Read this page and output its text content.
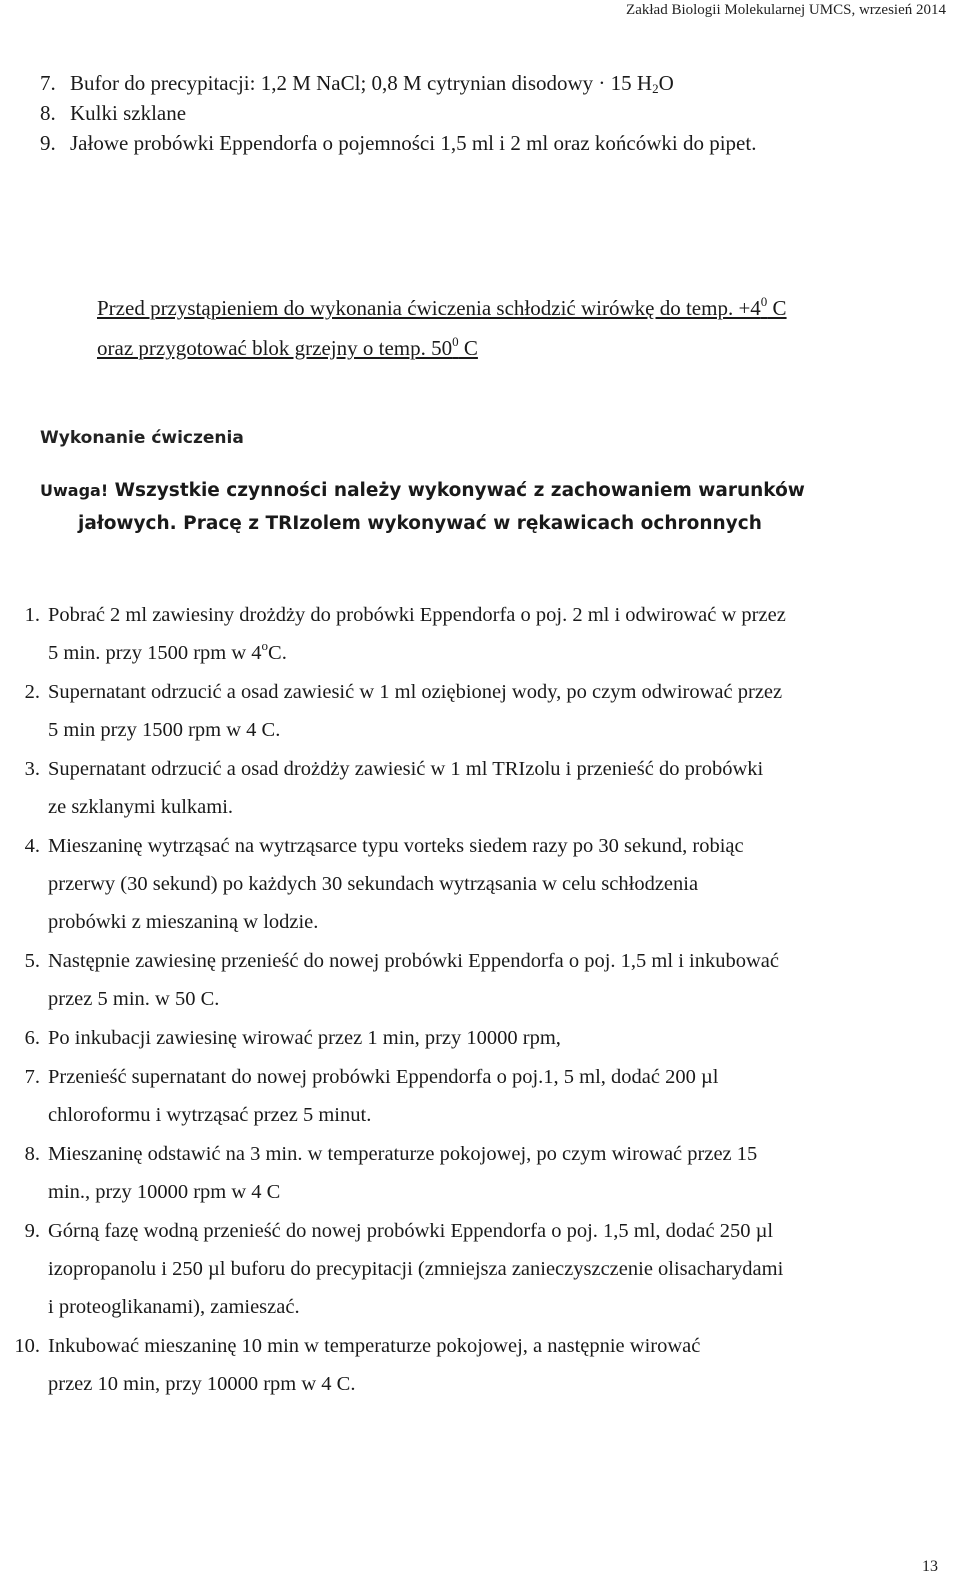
Zakład Biologii Molekularnej UMCS, wrzesień 2014
7. Bufor do precypitacji: 1,2 M NaCl; 0,8 M cytrynian disodowy · 15 $H_2O$
8. Kulki szklane
9. Jałowe probówki Eppendorfa o pojemności 1,5 ml i 2 ml oraz końcówki do pipet.
Przed przystąpieniem do wykonania ćwiczenia schłodzić wirówkę do temp. $+4^0$ C
oraz przygotować blok grzejny o temp. $50^0$ C
Wykonanie ćwiczenia
Uwaga! Wszystkie czynności należy wykonywać z zachowaniem warunków
jałowych. Pracę z TRIzolem wykonywać w rękawicach ochronnych
1. Pobrać 2 ml zawiesiny drożdży do probówki Eppendorfa o poj. 2 ml i odwirować w przez
5 min. przy 1500 rpm w 4$^o$C.
2. Supernatant odrzucić a osad zawiesić w 1 ml oziębionej wody, po czym odwirować przez
5 min przy 1500 rpm w 4 C.
3. Supernatant odrzucić a osad drożdży zawiesić w 1 ml TRIzolu i przenieść do probówki
ze szklanymi kulkami.
4. Mieszaninę wytrząsać na wytrząsarce typu vorteks siedem razy po 30 sekund, robiąc
przerwy (30 sekund) po każdych 30 sekundach wytrząsania w celu schłodzenia
probówki z mieszaniną w lodzie.
5. Następnie zawiesinę przenieść do nowej probówki Eppendorfa o poj. 1,5 ml i inkubować
przez 5 min. w 50 C.
6. Po inkubacji zawiesinę wirować przez 1 min, przy 10000 rpm,
7. Przenieść supernatant do nowej probówki Eppendorfa o poj.1, 5 ml, dodać 200 µl
chloroformu i wytrząsać przez 5 minut.
8. Mieszaninę odstawić na 3 min. w temperaturze pokojowej, po czym wirować przez 15
min., przy 10000 rpm w 4 C
9. Górną fazę wodną przenieść do nowej probówki Eppendorfa o poj. 1,5 ml, dodać 250 µl
izopropanolu i 250 µl buforu do precypitacji (zmniejsza zanieczyszczenie olisacharydami
i proteoglikanami), zamieszać.
10. Inkubować mieszaninę 10 min w temperaturze pokojowej, a następnie wirować
przez 10 min, przy 10000 rpm w 4 C.
13
